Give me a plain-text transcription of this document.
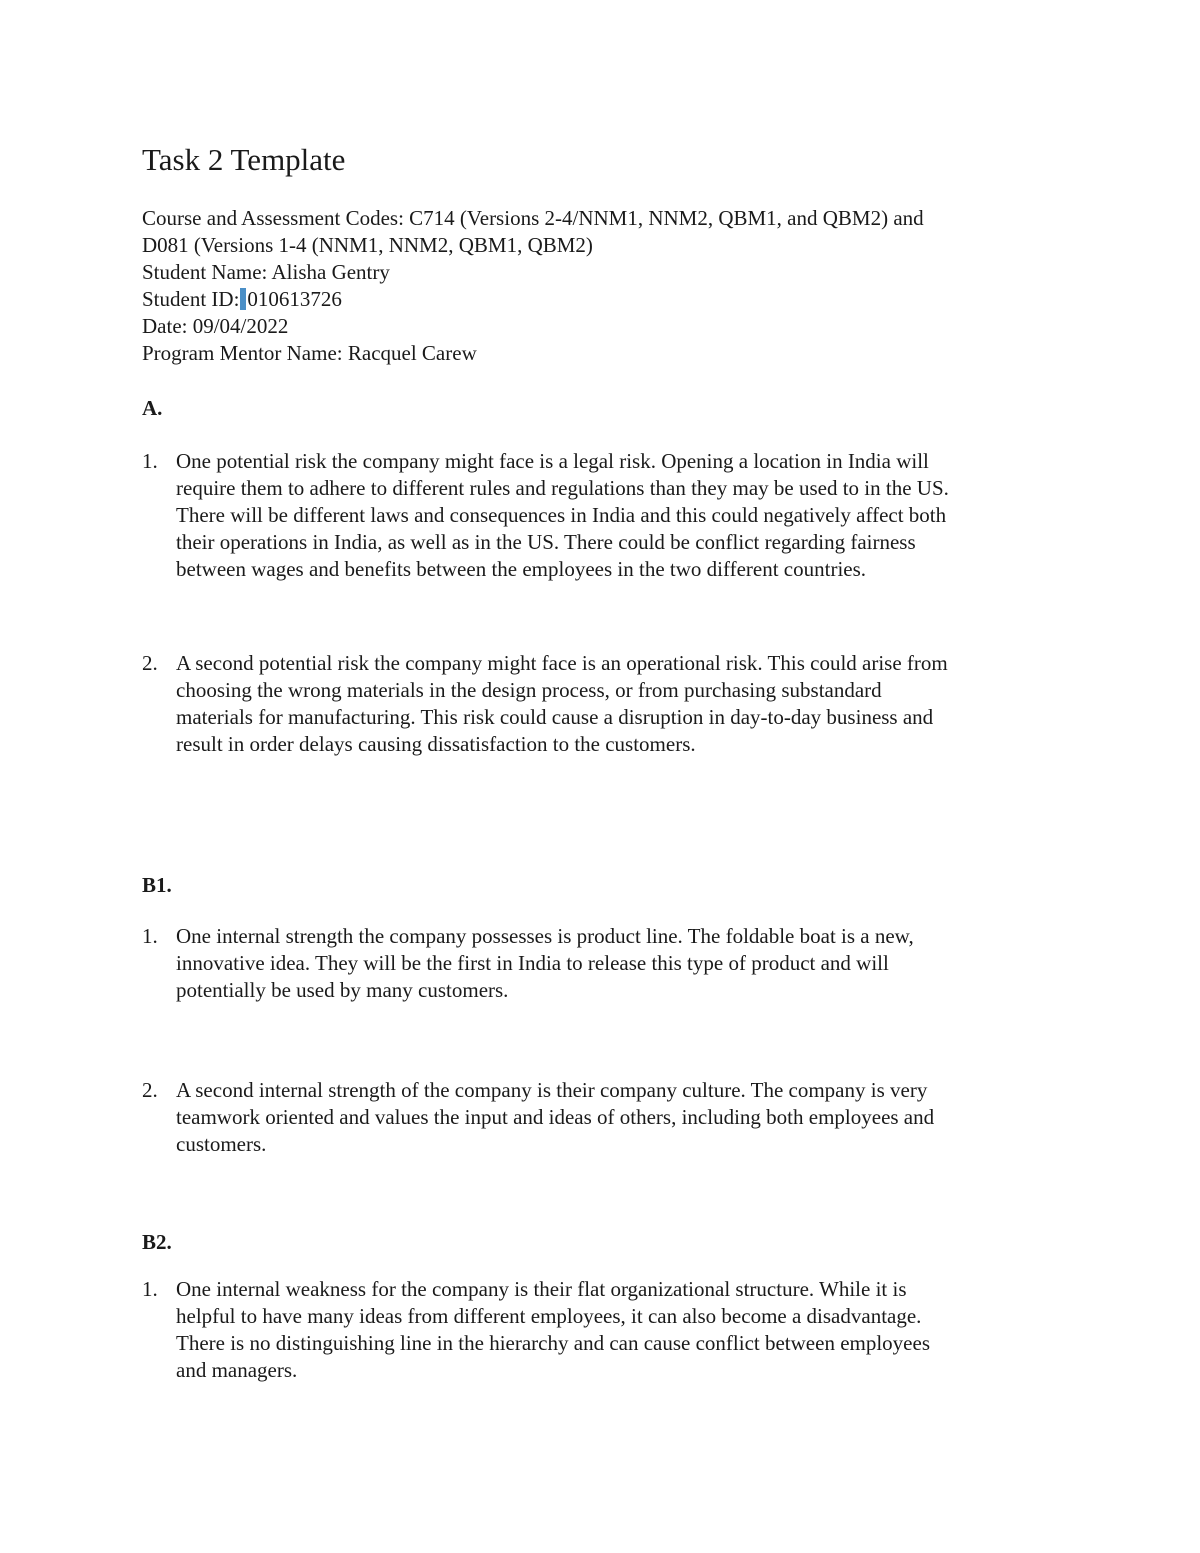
Task 2 Template
Course and Assessment Codes: C714 (Versions 2-4/NNM1, NNM2, QBM1, and QBM2) and
D081 (Versions 1-4 (NNM1, NNM2, QBM1, QBM2)
Student Name: Alisha Gentry
Student ID: 010613726
Date: 09/04/2022
Program Mentor Name: Racquel Carew
A.
1. One potential risk the company might face is a legal risk. Opening a location in India will
require them to adhere to different rules and regulations than they may be used to in the US.
There will be different laws and consequences in India and this could negatively affect both
their operations in India, as well as in the US. There could be conflict regarding fairness
between wages and benefits between the employees in the two different countries.
2. A second potential risk the company might face is an operational risk. This could arise from
choosing the wrong materials in the design process, or from purchasing substandard
materials for manufacturing. This risk could cause a disruption in day-to-day business and
result in order delays causing dissatisfaction to the customers.
B1.
1. One internal strength the company possesses is product line. The foldable boat is a new,
innovative idea. They will be the first in India to release this type of product and will
potentially be used by many customers.
2. A second internal strength of the company is their company culture. The company is very
teamwork oriented and values the input and ideas of others, including both employees and
customers.
B2.
1. One internal weakness for the company is their flat organizational structure. While it is
helpful to have many ideas from different employees, it can also become a disadvantage.
There is no distinguishing line in the hierarchy and can cause conflict between employees
and managers.
